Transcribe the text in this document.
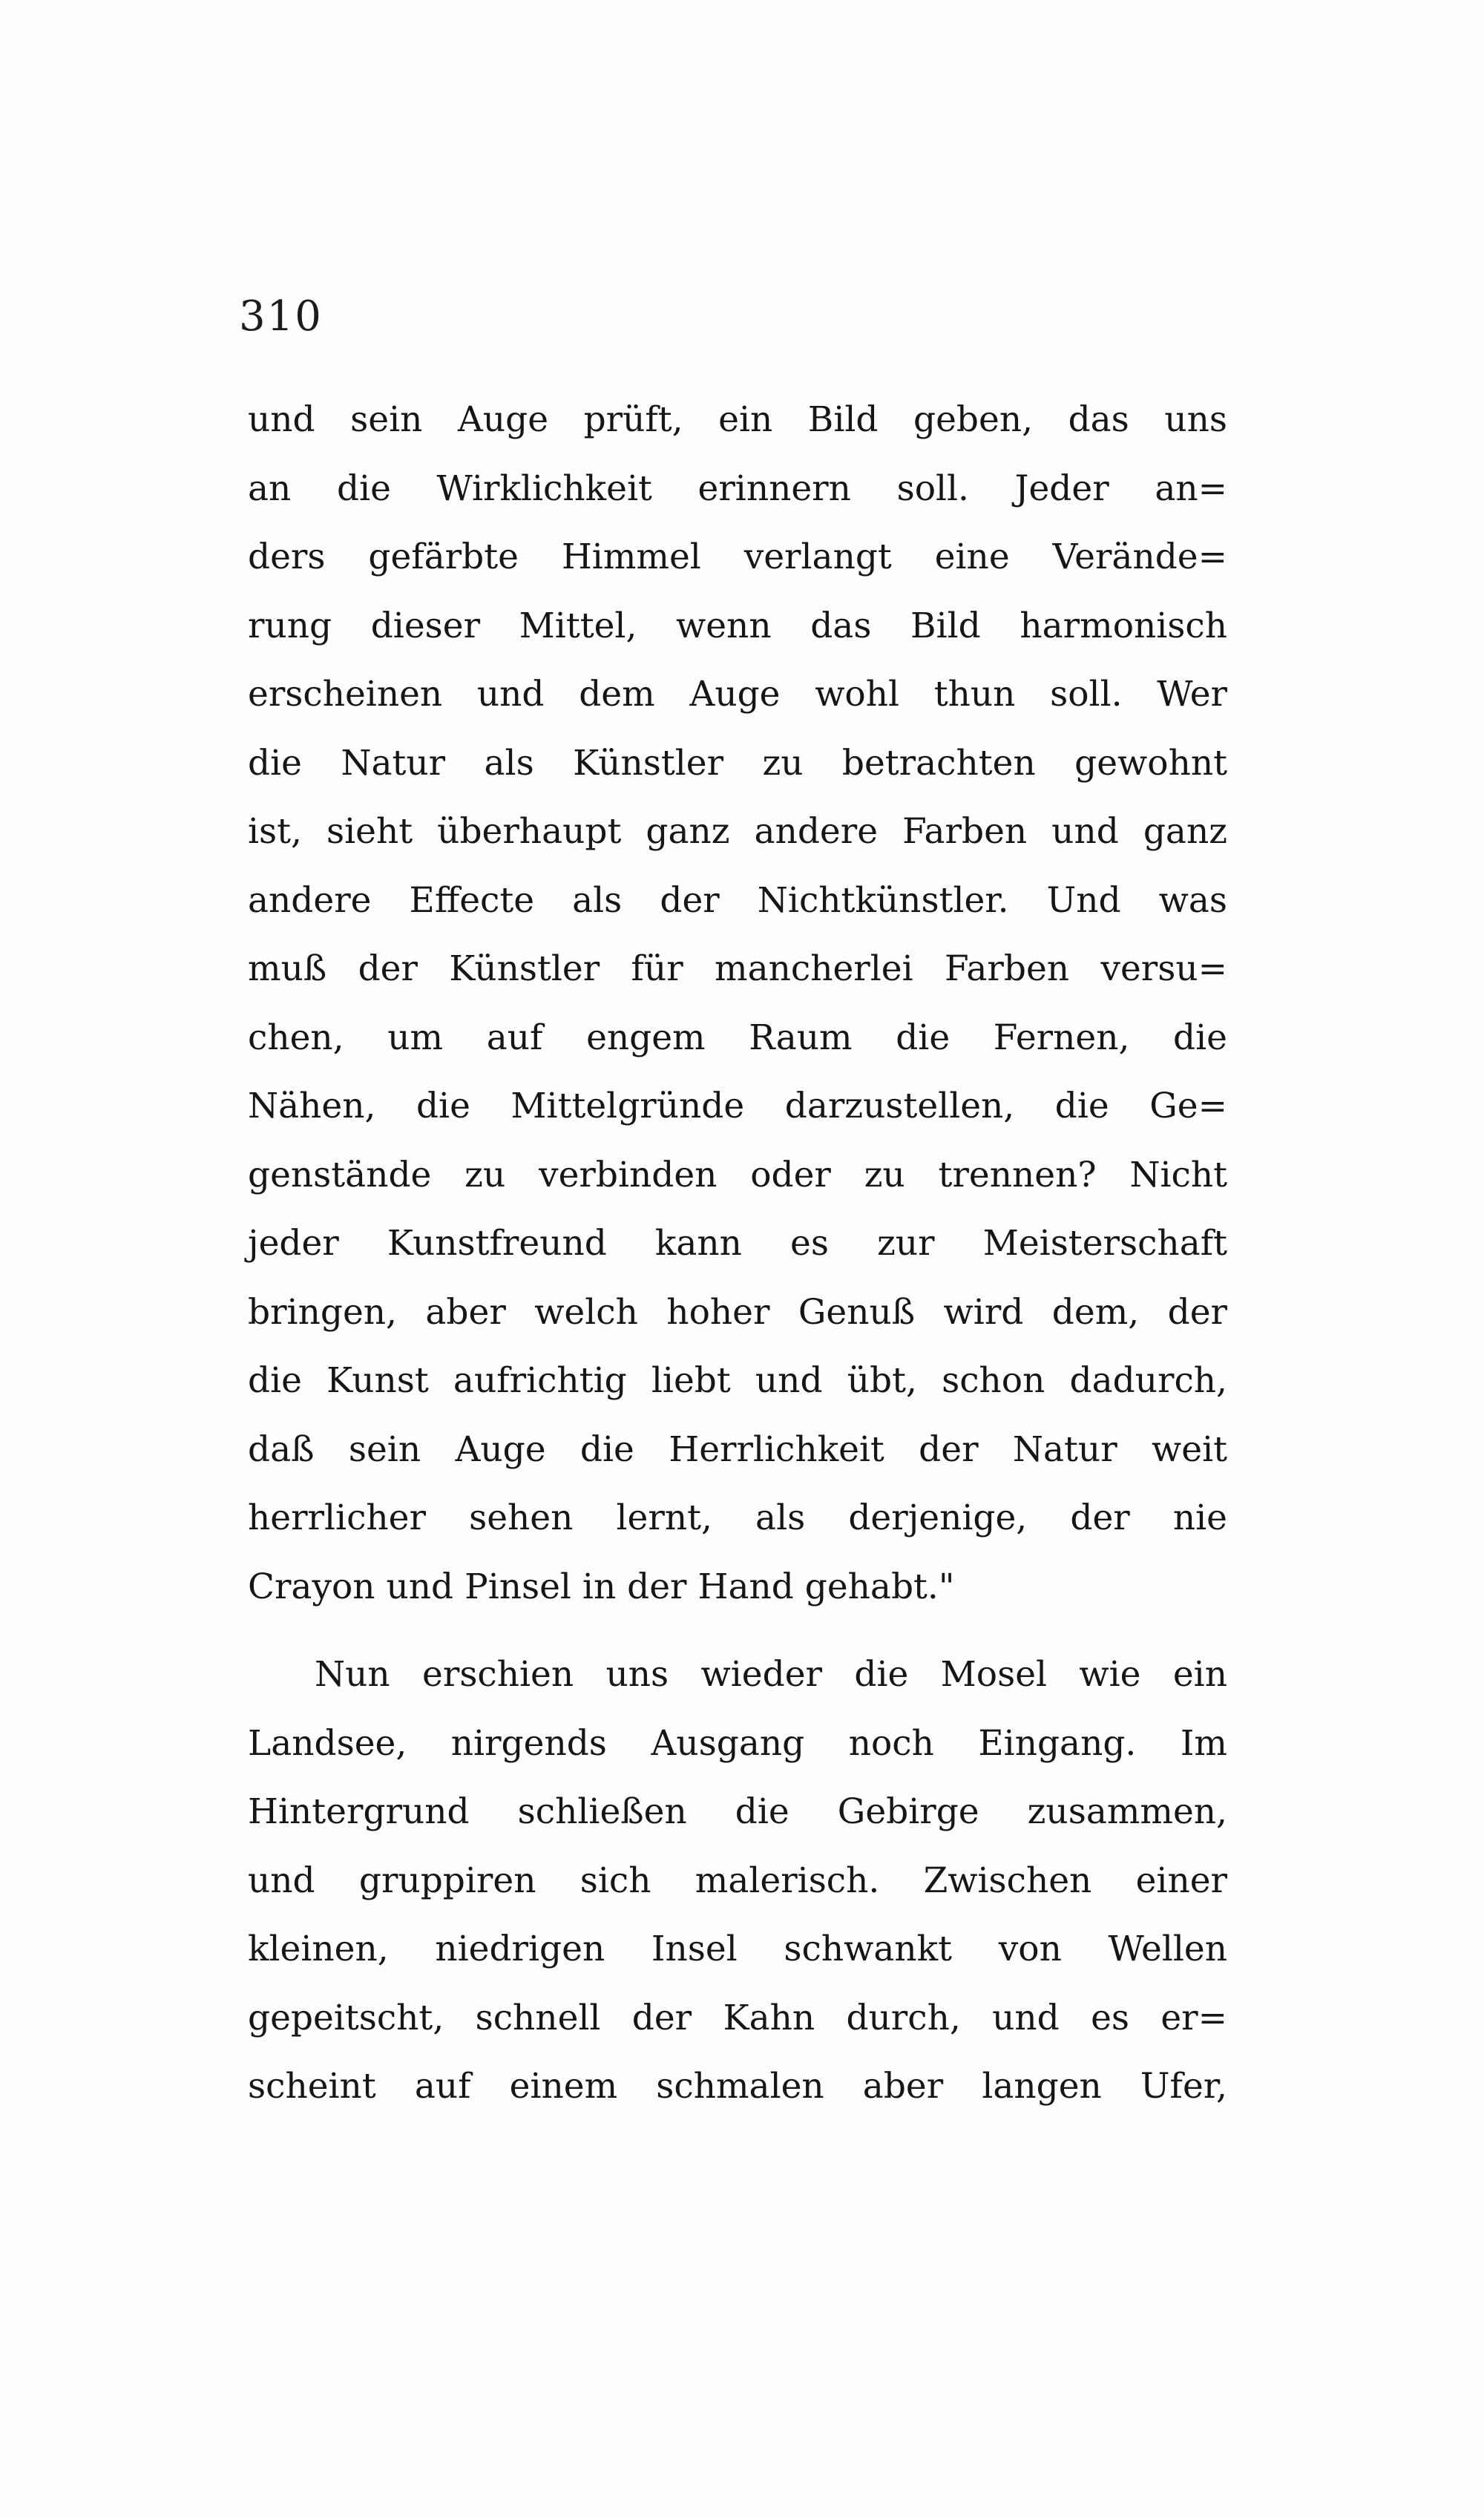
310
und sein Auge prüft, ein Bild geben, das uns
an die Wirklichkeit erinnern soll. Jeder an=
ders gefärbte Himmel verlangt eine Verände=
rung dieser Mittel, wenn das Bild harmonisch
erscheinen und dem Auge wohl thun soll. Wer
die Natur als Künstler zu betrachten gewohnt
ist, sieht überhaupt ganz andere Farben und ganz
andere Effecte als der Nichtkünstler. Und was
muß der Künstler für mancherlei Farben versu=
chen, um auf engem Raum die Fernen, die
Nähen, die Mittelgründe darzustellen, die Ge=
genstände zu verbinden oder zu trennen? Nicht
jeder Kunstfreund kann es zur Meisterschaft
bringen, aber welch hoher Genuß wird dem, der
die Kunst aufrichtig liebt und übt, schon dadurch,
daß sein Auge die Herrlichkeit der Natur weit
herrlicher sehen lernt, als derjenige, der nie
Crayon und Pinsel in der Hand gehabt."
Nun erschien uns wieder die Mosel wie ein
Landsee, nirgends Ausgang noch Eingang. Im
Hintergrund schließen die Gebirge zusammen,
und gruppiren sich malerisch. Zwischen einer
kleinen, niedrigen Insel schwankt von Wellen
gepeitscht, schnell der Kahn durch, und es er=
scheint auf einem schmalen aber langen Ufer,
